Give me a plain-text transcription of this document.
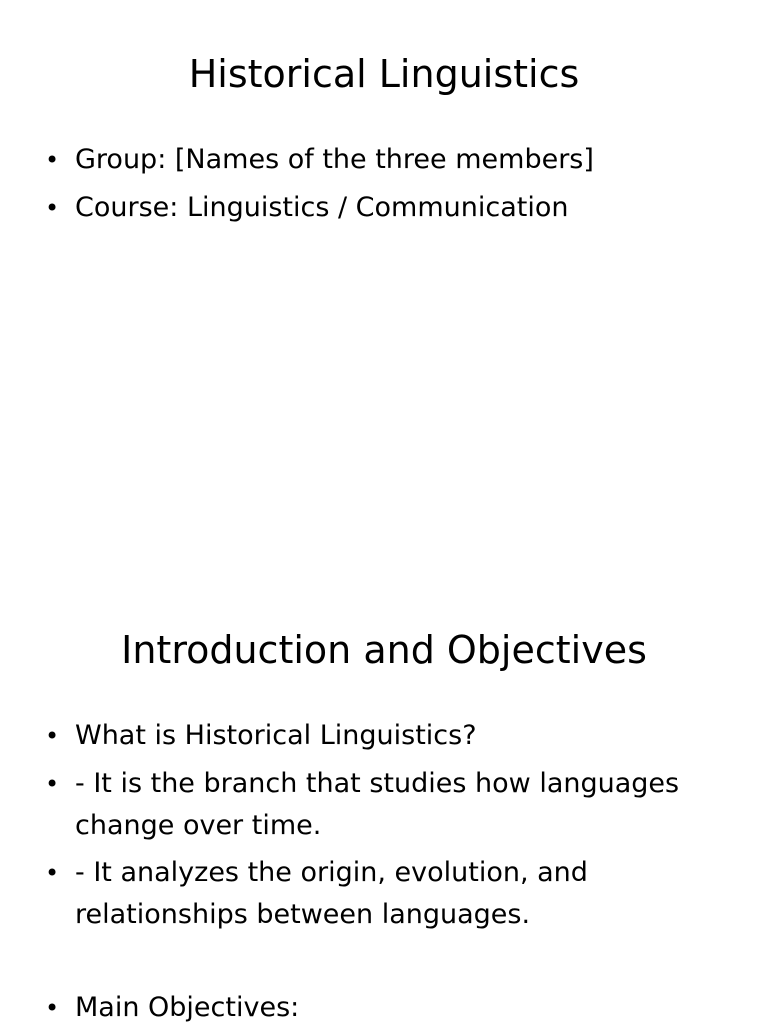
Historical Linguistics
• Group: [Names of the three members]
• Course: Linguistics / Communication
Introduction and Objectives
• What is Historical Linguistics?
• - It is the branch that studies how languages
change over time.
• - It analyzes the origin, evolution, and
relationships between languages.
• Main Objectives:
